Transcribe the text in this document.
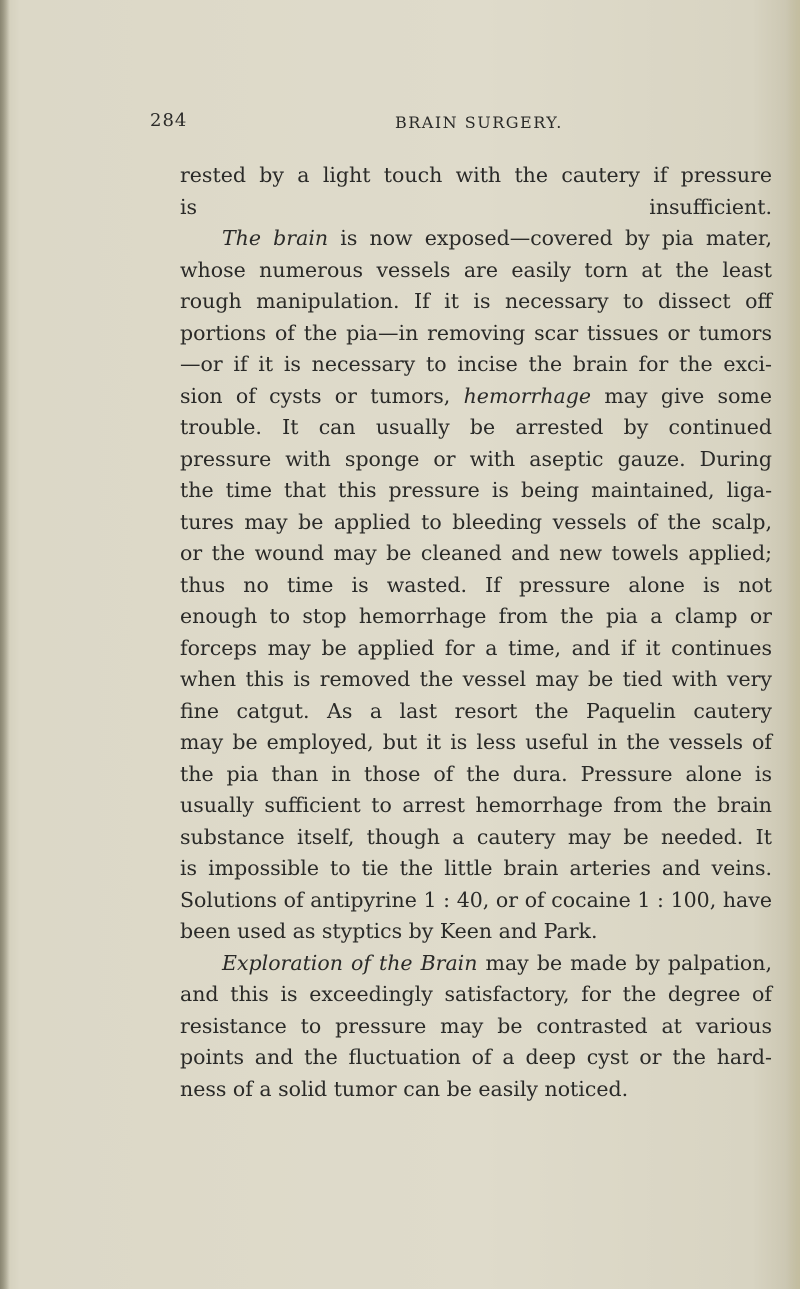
284	BRAIN SURGERY.
rested by a light touch with the cautery if pressure
is insufficient.
The brain is now exposed—covered by pia mater,
whose numerous vessels are easily torn at the least
rough manipulation. If it is necessary to dissect off
portions of the pia—in removing scar tissues or tumors
—or if it is necessary to incise the brain for the exci-
sion of cysts or tumors, hemorrhage may give some
trouble. It can usually be arrested by continued
pressure with sponge or with aseptic gauze. During
the time that this pressure is being maintained, liga-
tures may be applied to bleeding vessels of the scalp,
or the wound may be cleaned and new towels applied;
thus no time is wasted. If pressure alone is not
enough to stop hemorrhage from the pia a clamp or
forceps may be applied for a time, and if it continues
when this is removed the vessel may be tied with very
fine catgut. As a last resort the Paquelin cautery
may be employed, but it is less useful in the vessels of
the pia than in those of the dura. Pressure alone is
usually sufficient to arrest hemorrhage from the brain
substance itself, though a cautery may be needed. It
is impossible to tie the little brain arteries and veins.
Solutions of antipyrine 1 : 40, or of cocaine 1 : 100, have
been used as styptics by Keen and Park.
Exploration of the Brain may be made by palpation,
and this is exceedingly satisfactory, for the degree of
resistance to pressure may be contrasted at various
points and the fluctuation of a deep cyst or the hard-
ness of a solid tumor can be easily noticed.
